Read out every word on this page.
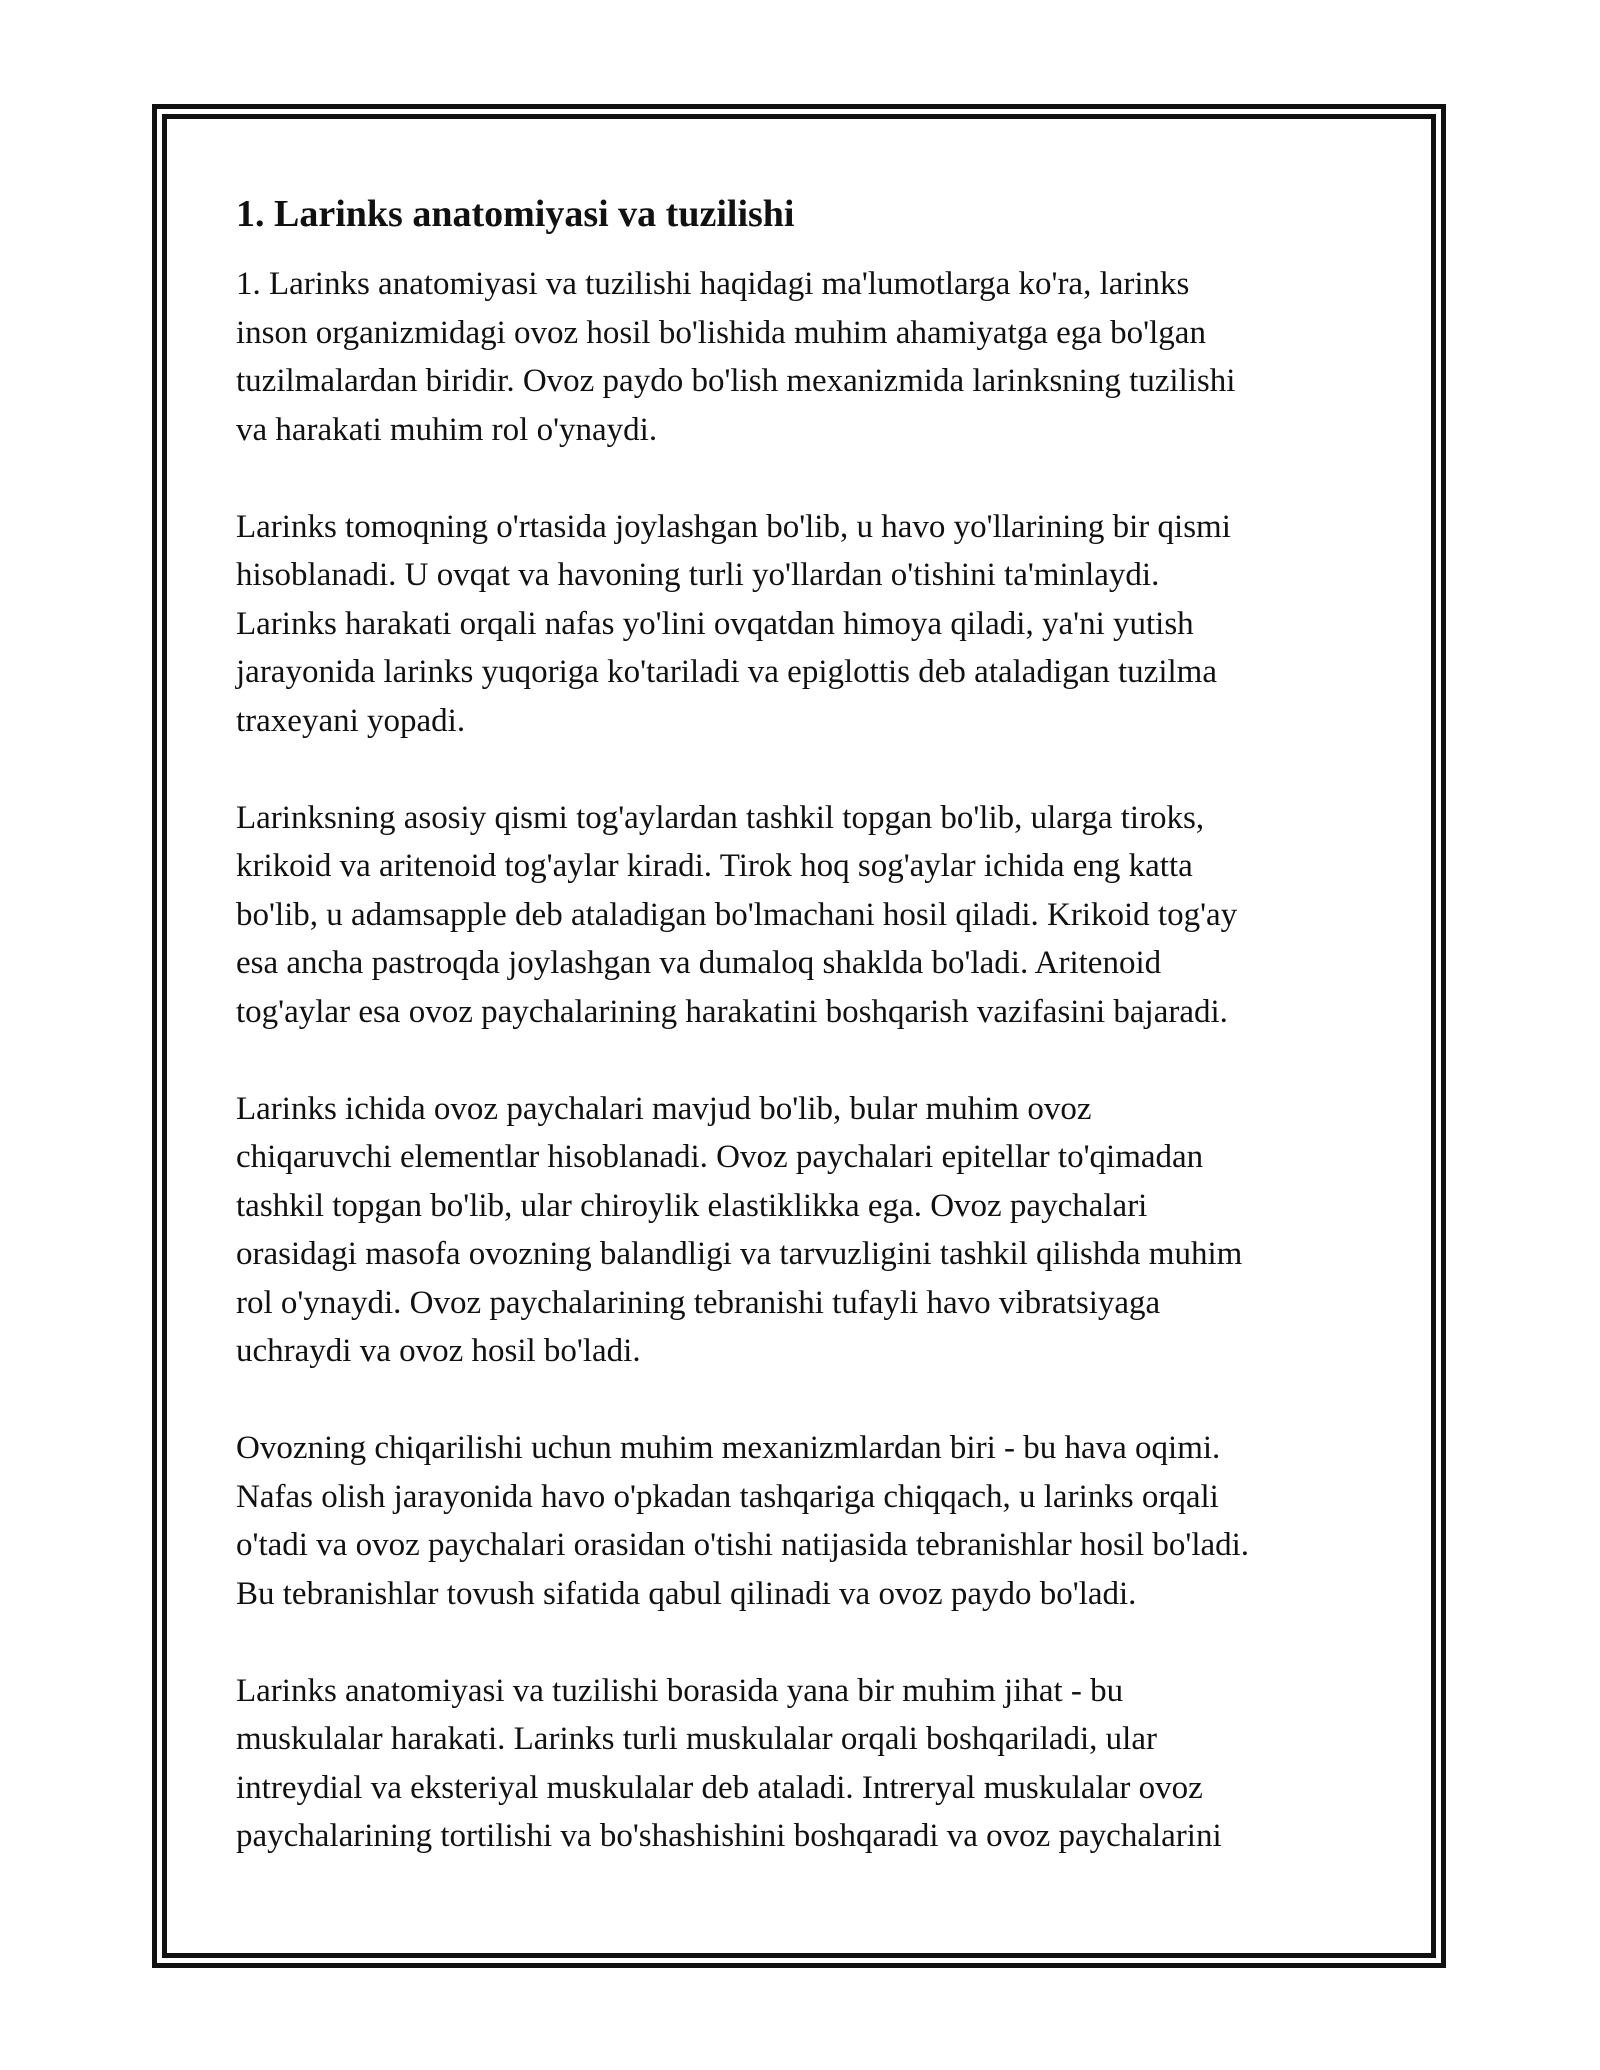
1. Larinks anatomiyasi va tuzilishi

1. Larinks anatomiyasi va tuzilishi haqidagi ma'lumotlarga ko'ra, larinks
inson organizmidagi ovoz hosil bo'lishida muhim ahamiyatga ega bo'lgan
tuzilmalardan biridir. Ovoz paydo bo'lish mexanizmida larinksning tuzilishi
va harakati muhim rol o'ynaydi.

Larinks tomoqning o'rtasida joylashgan bo'lib, u havo yo'llarining bir qismi
hisoblanadi. U ovqat va havoning turli yo'llardan o'tishini ta'minlaydi.
Larinks harakati orqali nafas yo'lini ovqatdan himoya qiladi, ya'ni yutish
jarayonida larinks yuqoriga ko'tariladi va epiglottis deb ataladigan tuzilma
traxeyani yopadi.

Larinksning asosiy qismi tog'aylardan tashkil topgan bo'lib, ularga tiroks,
krikoid va aritenoid tog'aylar kiradi. Tirok hoq sog'aylar ichida eng katta
bo'lib, u adamsapple deb ataladigan bo'lmachani hosil qiladi. Krikoid tog'ay
esa ancha pastroqda joylashgan va dumaloq shaklda bo'ladi. Aritenoid
tog'aylar esa ovoz paychalarining harakatini boshqarish vazifasini bajaradi.

Larinks ichida ovoz paychalari mavjud bo'lib, bular muhim ovoz
chiqaruvchi elementlar hisoblanadi. Ovoz paychalari epitellar to'qimadan
tashkil topgan bo'lib, ular chiroylik elastiklikka ega. Ovoz paychalari
orasidagi masofa ovozning balandligi va tarvuzligini tashkil qilishda muhim
rol o'ynaydi. Ovoz paychalarining tebranishi tufayli havo vibratsiyaga
uchraydi va ovoz hosil bo'ladi.

Ovozning chiqarilishi uchun muhim mexanizmlardan biri - bu hava oqimi.
Nafas olish jarayonida havo o'pkadan tashqariga chiqqach, u larinks orqali
o'tadi va ovoz paychalari orasidan o'tishi natijasida tebranishlar hosil bo'ladi.
Bu tebranishlar tovush sifatida qabul qilinadi va ovoz paydo bo'ladi.

Larinks anatomiyasi va tuzilishi borasida yana bir muhim jihat - bu
muskulalar harakati. Larinks turli muskulalar orqali boshqariladi, ular
intreydial va eksteriyal muskulalar deb ataladi. Intreryal muskulalar ovoz
paychalarining tortilishi va bo'shashishini boshqaradi va ovoz paychalarini
